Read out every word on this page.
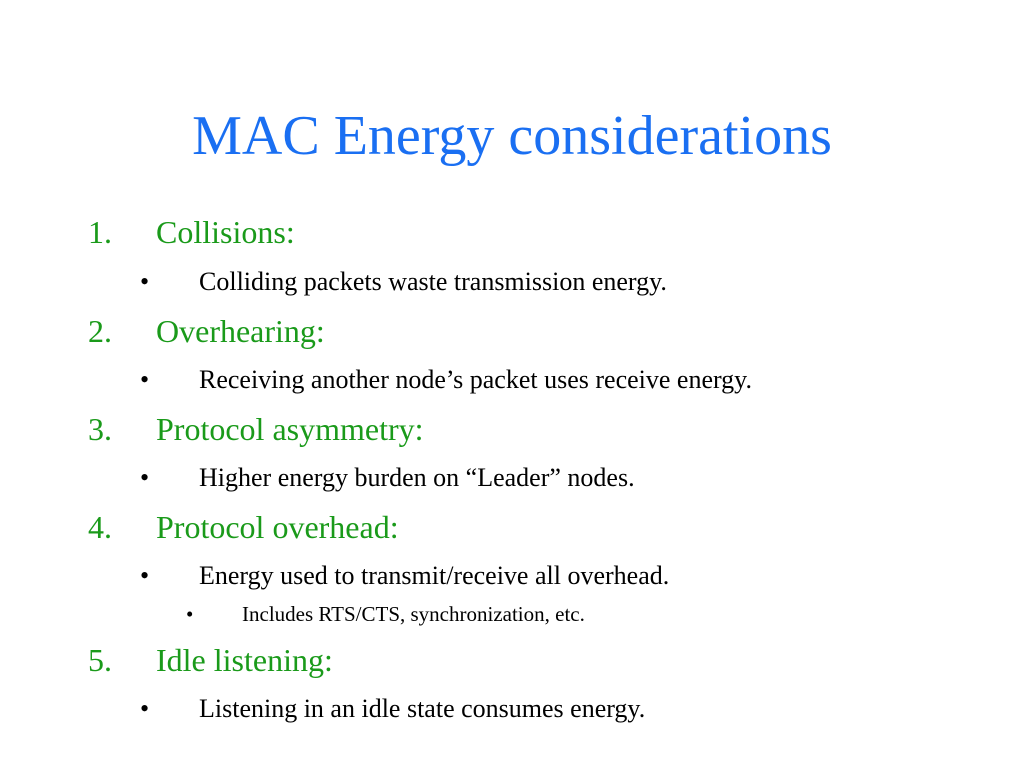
MAC Energy considerations
1. Collisions:
• Colliding packets waste transmission energy.
2. Overhearing:
• Receiving another node’s packet uses receive energy.
3. Protocol asymmetry:
• Higher energy burden on “Leader” nodes.
4. Protocol overhead:
• Energy used to transmit/receive all overhead.
• Includes RTS/CTS, synchronization, etc.
5. Idle listening:
• Listening in an idle state consumes energy.
